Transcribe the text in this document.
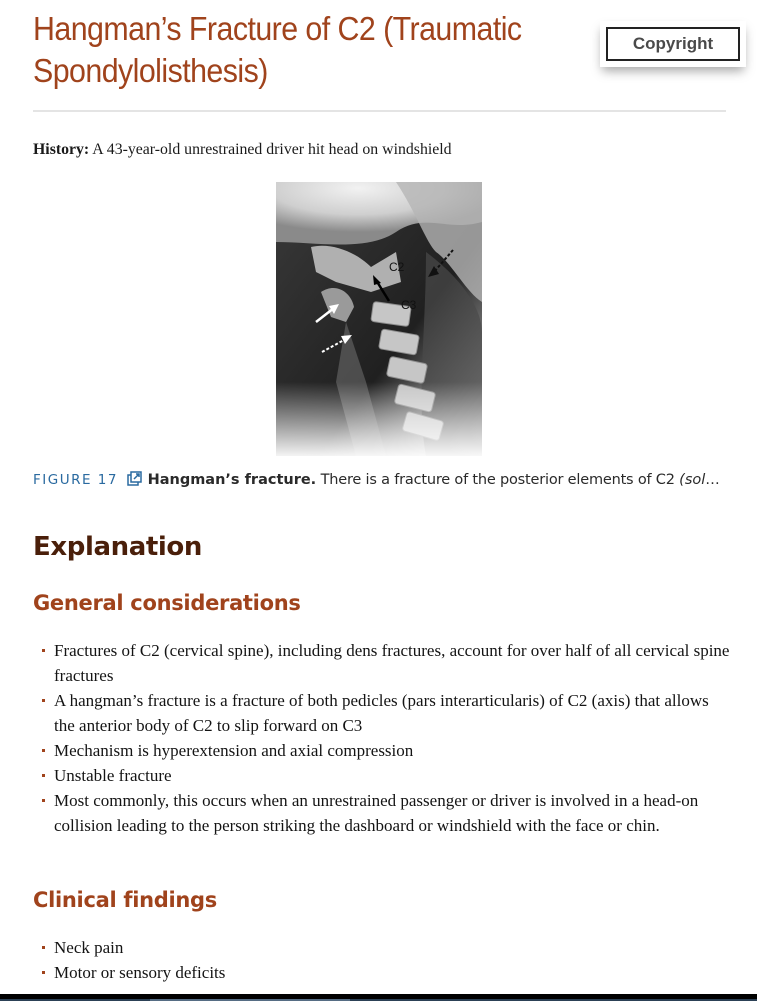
Hangman’s Fracture of C2 (Traumatic Spondylolisthesis)
Copyright

History: A 43-year-old unrestrained driver hit head on windshield

C2
C3
FIGURE 17 Hangman’s fracture. There is a fracture of the posterior elements of C2 (sol…
Explanation
General considerations
Fractures of C2 (cervical spine), including dens fractures, account for over half of all cervical spine fractures
A hangman’s fracture is a fracture of both pedicles (pars interarticularis) of C2 (axis) that allows the anterior body of C2 to slip forward on C3
Mechanism is hyperextension and axial compression
Unstable fracture
Most commonly, this occurs when an unrestrained passenger or driver is involved in a head-on collision leading to the person striking the dashboard or windshield with the face or chin.
Clinical findings
Neck pain
Motor or sensory deficits
